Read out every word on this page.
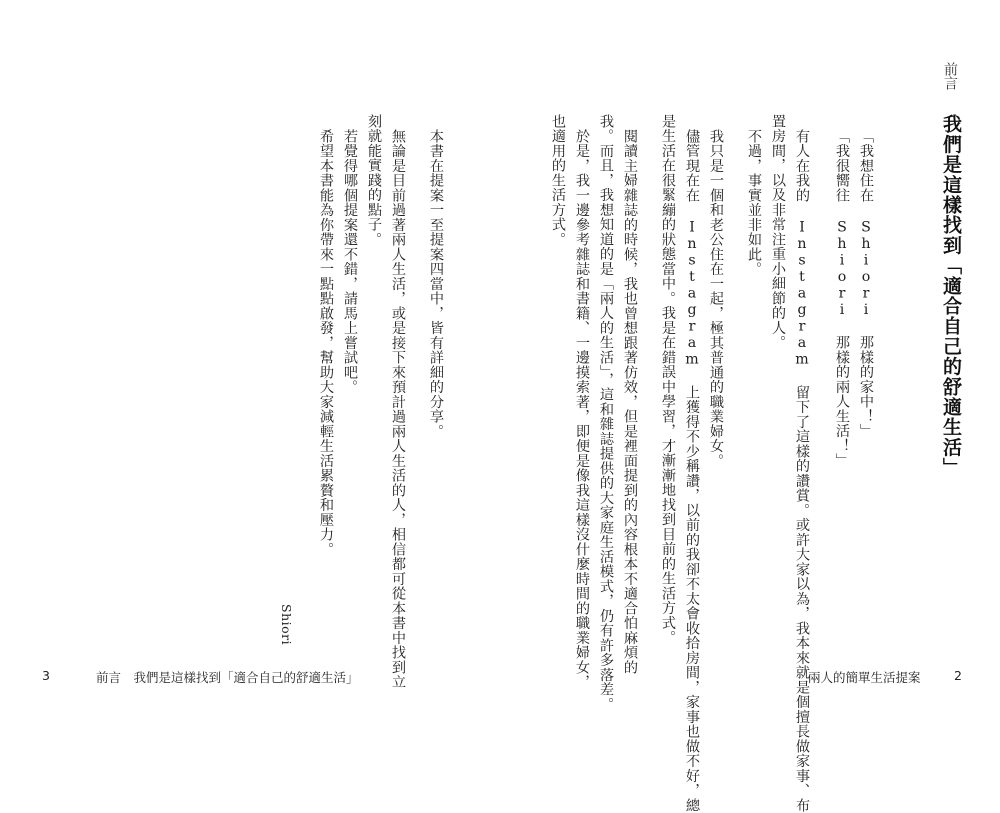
前言
我們是這樣找到「適合自己的舒適生活」
「我想住在 Shiori 那樣的家中！」
「我很嚮往 Shiori 那樣的兩人生活！」
有人在我的 Instagram 留下了這樣的讚賞。或許大家以為，我本來就是個擅長做家事、布
置房間，以及非常注重小細節的人。
不過，事實並非如此。
我只是一個和老公住在一起，極其普通的職業婦女。
儘管現在在 Instagram 上獲得不少稱讚，以前的我卻不太會收拾房間，家事也做不好，總
是生活在很緊繃的狀態當中。我是在錯誤中學習，才漸漸地找到目前的生活方式。
閱讀主婦雜誌的時候，我也曾想跟著仿效，但是裡面提到的內容根本不適合怕麻煩的
我。而且，我想知道的是「兩人的生活」，這和雜誌提供的大家庭生活模式，仍有許多落差。
於是，我一邊參考雜誌和書籍、一邊摸索著，即便是像我這樣沒什麼時間的職業婦女，
也適用的生活方式。
本書在提案一至提案四當中，皆有詳細的分享。
無論是目前過著兩人生活，或是接下來預計過兩人生活的人，相信都可從本書中找到立
刻就能實踐的點子。
若覺得哪個提案還不錯，請馬上嘗試吧。
希望本書能為你帶來一點點啟發，幫助大家減輕生活累贅和壓力。
Shiori
3	前言　我們是這樣找到「適合自己的舒適生活」	兩人的簡單生活提案	2
